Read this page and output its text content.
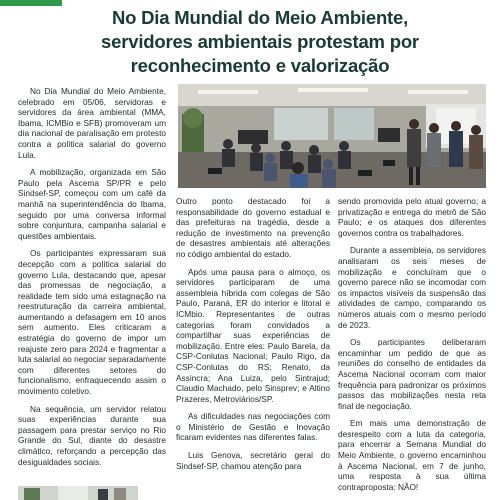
No Dia Mundial do Meio Ambiente,
servidores ambientais protestam por
reconhecimento e valorização

No Dia Mundial do Meio Ambiente, celebrado em 05/06, servidoras e servidores da área ambiental (MMA, Ibama, ICMBio e SFB) promoveram um dia nacional de paralisação em protesto contra a política salarial do governo Lula.

A mobilização, organizada em São Paulo pela Ascema SP/PR e pelo Sindsef-SP, começou com um café da manhã na superintendência do Ibama, seguido por uma conversa informal sobre conjuntura, campanha salarial e questões ambientais.

Os participantes expressaram sua decepção com a política salarial do governo Lula, destacando que, apesar das promessas de negociação, a realidade tem sido uma estagnação na reestruturação da carreira ambiental, aumentando a defasagem em 10 anos sem aumento. Eles criticaram a estratégia do governo de impor um reajuste zero para 2024 e fragmentar a luta salarial ao negociar separadamente com diferentes setores do funcionalismo, enfraquecendo assim o movimento coletivo.

Na sequência, um servidor relatou suas experiências durante sua passagem para prestar serviço no Rio Grande do Sul, diante do desastre climático, reforçando a percepção das desigualdades sociais.

Outro ponto destacado foi a responsabilidade do governo estadual e das prefeituras na tragédia, desde a redução de investimento na prevenção de desastres ambientais até alterações no código ambiental do estado.

Após uma pausa para o almoço, os servidores participaram de uma assembleia híbrida com colegas de São Paulo, Paraná, ER do interior e litoral e ICMbio. Representantes de outras categorias foram convidados a compartilhar suas experiências de mobilização. Entre eles: Paulo Barela, da CSP-Conlutas Nacional; Paulo Rigo, da CSP-Conlutas do RS; Renato, da Assincra; Ana Luiza, pelo Sintrajud; Claudio Machado, pelo Sinsprev; e Altino Prazeres, Metroviários/SP.

As dificuldades nas negociações com o Ministério de Gestão e Inovação ficaram evidentes nas diferentes falas.

Luis Genova, secretário geral do Sindsef-SP, chamou atenção para

sendo promovida pelo atual governo; a privatização e entrega do metrô de São Paulo; e os ataques dos diferentes governos contra os trabalhadores.

Durante a assembleia, os servidores analisaram os seis meses de mobilização e concluíram que o governo parece não se incomodar com os impactos visíveis da suspensão das atividades de campo, comparando os números atuais com o mesmo período de 2023.

Os participantes deliberaram encaminhar um pedido de que as reuniões do conselho de entidades da Ascema Nacional ocorram com maior frequência para padronizar os próximos passos das mobilizações nesta reta final de negociação.

Em mais uma demonstração de desrespeito com a luta da categoria, para encerrar a Semana Mundial do Meio Ambiente, o governo encaminhou à Ascema Nacional, em 7 de junho, uma resposta à sua última contraproposta: NÃO!
